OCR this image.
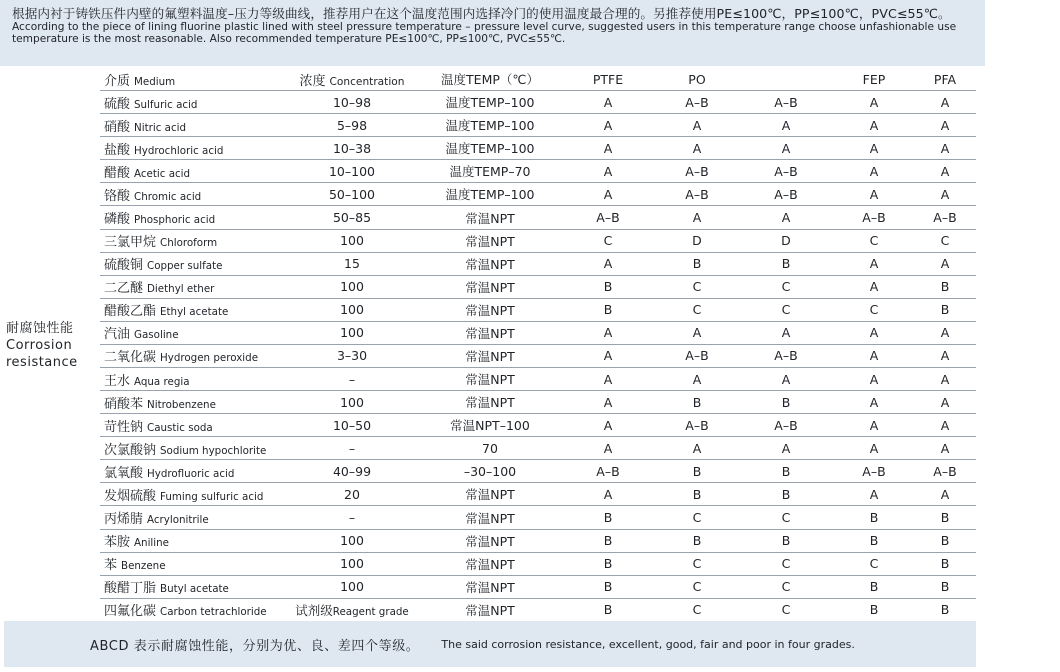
根据内衬于铸铁压件内壁的氟塑料温度–压力等级曲线，推荐用户在这个温度范围内选择冷门的使用温度最合理的。另推荐使用PE≤100℃，PP≤100℃，PVC≤55℃。
According to the piece of lining fluorine plastic lined with steel pressure temperature – pressure level curve, suggested users in this temperature range choose unfashionable use temperature is the most reasonable. Also recommended temperature PE≤100℃, PP≤100℃, PVC≤55℃.
耐腐蚀性能
Corrosion
resistance
介质 Medium	浓度 Concentration	温度TEMP（℃）	PTFE	PO		FEP	PFA
硫酸 Sulfuric acid	10–98	温度TEMP–100	A	A–B	A–B	A	A
硝酸 Nitric acid	5–98	温度TEMP–100	A	A	A	A	A
盐酸 Hydrochloric acid	10–38	温度TEMP–100	A	A	A	A	A
醋酸 Acetic acid	10–100	温度TEMP–70	A	A–B	A–B	A	A
铬酸 Chromic acid	50–100	温度TEMP–100	A	A–B	A–B	A	A
磷酸 Phosphoric acid	50–85	常温NPT	A–B	A	A	A–B	A–B
三氯甲烷 Chloroform	100	常温NPT	C	D	D	C	C
硫酸铜 Copper sulfate	15	常温NPT	A	B	B	A	A
二乙醚 Diethyl ether	100	常温NPT	B	C	C	A	B
醋酸乙酯 Ethyl acetate	100	常温NPT	B	C	C	C	B
汽油 Gasoline	100	常温NPT	A	A	A	A	A
二氧化碳 Hydrogen peroxide	3–30	常温NPT	A	A–B	A–B	A	A
王水 Aqua regia	–	常温NPT	A	A	A	A	A
硝酸苯 Nitrobenzene	100	常温NPT	A	B	B	A	A
苛性钠 Caustic soda	10–50	常温NPT–100	A	A–B	A–B	A	A
次氯酸钠 Sodium hypochlorite	–	70	A	A	A	A	A
氯氧酸 Hydrofluoric acid	40–99	–30–100	A–B	B	B	A–B	A–B
发烟硫酸 Fuming sulfuric acid	20	常温NPT	A	B	B	A	A
丙烯腈 Acrylonitrile	–	常温NPT	B	C	C	B	B
苯胺 Aniline	100	常温NPT	B	B	B	B	B
苯 Benzene	100	常温NPT	B	C	C	C	B
酸醋丁脂 Butyl acetate	100	常温NPT	B	C	C	B	B
四氟化碳 Carbon tetrachloride	试剂级Reagent grade	常温NPT	B	C	C	B	B
ABCD 表示耐腐蚀性能，分别为优、良、差四个等级。 The said corrosion resistance, excellent, good, fair and poor in four grades.
